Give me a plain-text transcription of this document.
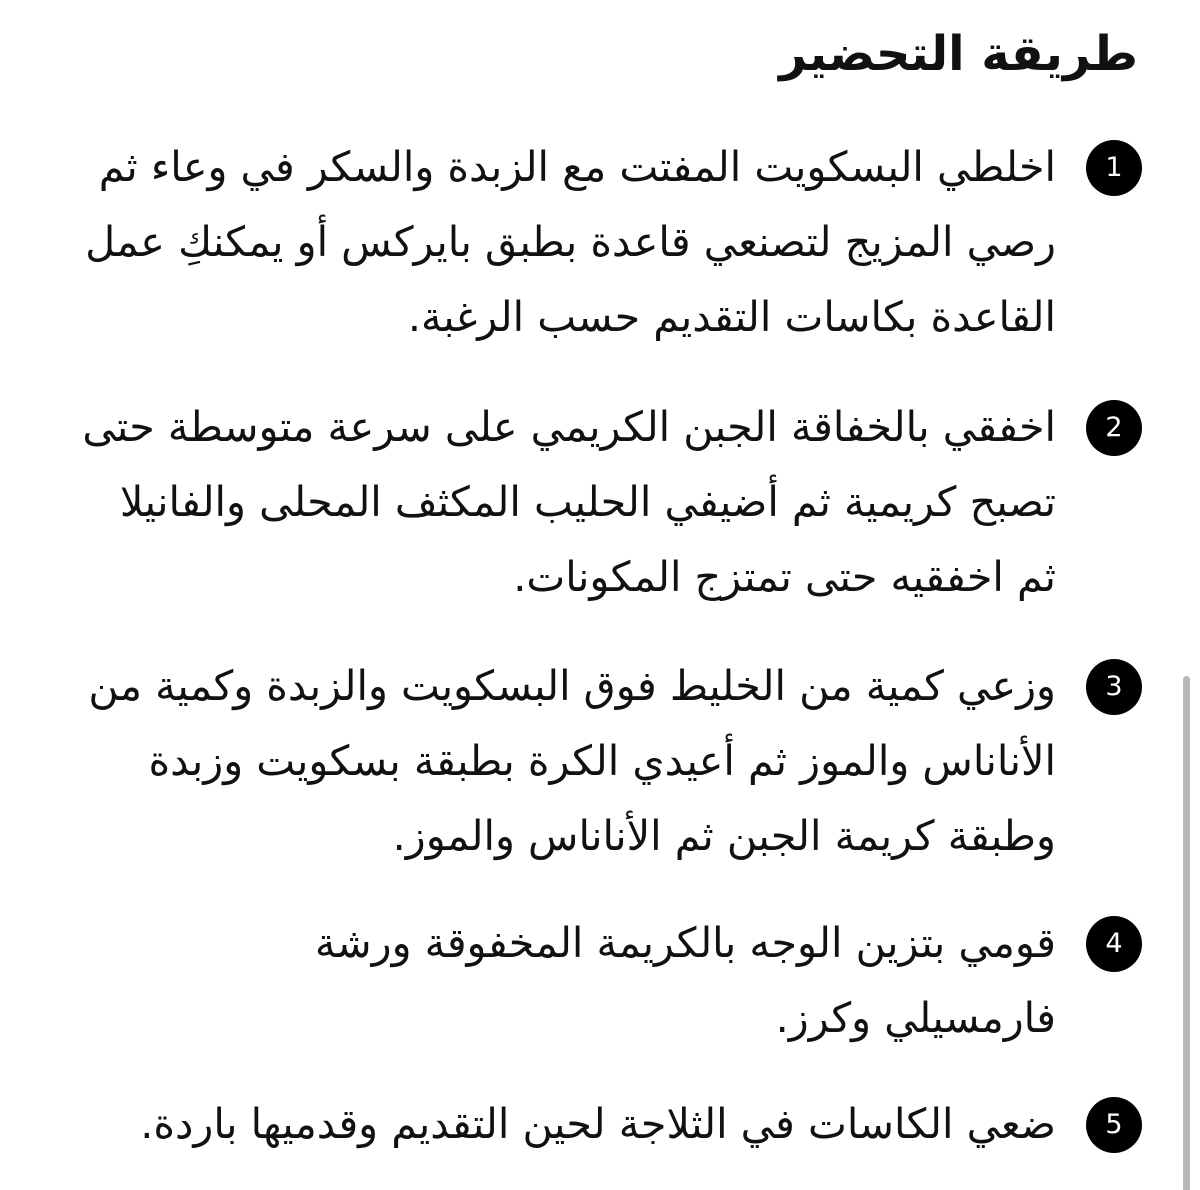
طريقة التحضير
1
اخلطي البسكويت المفتت مع الزبدة والسكر في وعاء ثم
رصي المزيج لتصنعي قاعدة بطبق بايركس أو يمكنكِ عمل
القاعدة بكاسات التقديم حسب الرغبة.
2
اخفقي بالخفاقة الجبن الكريمي على سرعة متوسطة حتى
تصبح كريمية ثم أضيفي الحليب المكثف المحلى والفانيلا
ثم اخفقيه حتى تمتزج المكونات.
3
وزعي كمية من الخليط فوق البسكويت والزبدة وكمية من
الأناناس والموز ثم أعيدي الكرة بطبقة بسكويت وزبدة
وطبقة كريمة الجبن ثم الأناناس والموز.
4
قومي بتزين الوجه بالكريمة المخفوقة ورشة
فارمسيلي وكرز.
5
ضعي الكاسات في الثلاجة لحين التقديم وقدميها باردة.
